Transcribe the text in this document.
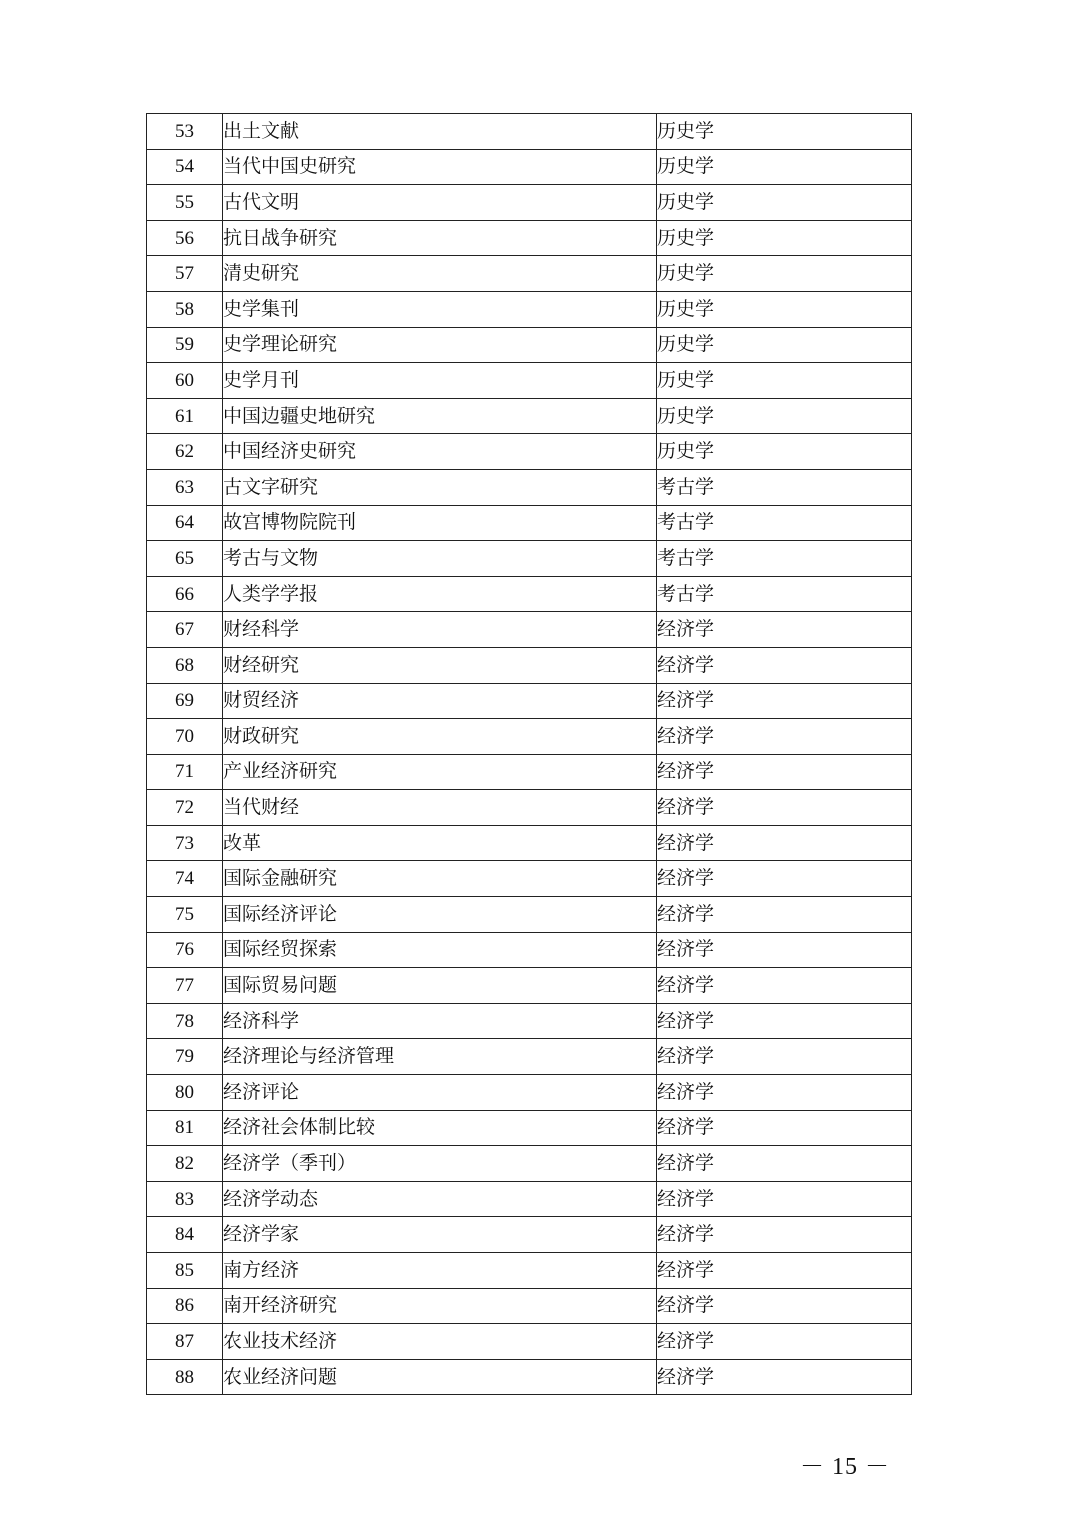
53	出土文献	历史学
54	当代中国史研究	历史学
55	古代文明	历史学
56	抗日战争研究	历史学
57	清史研究	历史学
58	史学集刊	历史学
59	史学理论研究	历史学
60	史学月刊	历史学
61	中国边疆史地研究	历史学
62	中国经济史研究	历史学
63	古文字研究	考古学
64	故宫博物院院刊	考古学
65	考古与文物	考古学
66	人类学学报	考古学
67	财经科学	经济学
68	财经研究	经济学
69	财贸经济	经济学
70	财政研究	经济学
71	产业经济研究	经济学
72	当代财经	经济学
73	改革	经济学
74	国际金融研究	经济学
75	国际经济评论	经济学
76	国际经贸探索	经济学
77	国际贸易问题	经济学
78	经济科学	经济学
79	经济理论与经济管理	经济学
80	经济评论	经济学
81	经济社会体制比较	经济学
82	经济学（季刊）	经济学
83	经济学动态	经济学
84	经济学家	经济学
85	南方经济	经济学
86	南开经济研究	经济学
87	农业技术经济	经济学
88	农业经济问题	经济学
－ 15 －
